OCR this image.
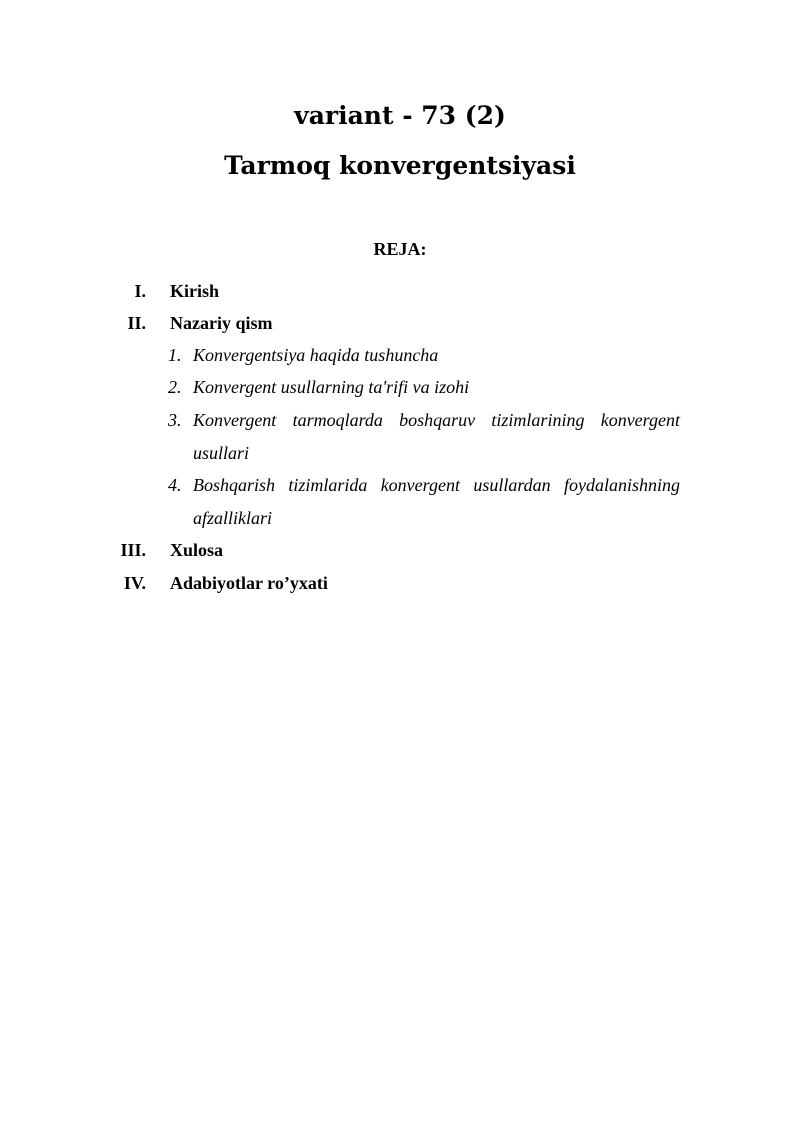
variant - 73 (2)
Tarmoq konvergentsiyasi
REJA:
I. Kirish
II. Nazariy qism
1. Konvergentsiya haqida tushuncha
2. Konvergent usullarning ta'rifi va izohi
3. Konvergent tarmoqlarda boshqaruv tizimlarining konvergent usullari
4. Boshqarish tizimlarida konvergent usullardan foydalanishning afzalliklari
III. Xulosa
IV. Adabiyotlar ro’yxati
